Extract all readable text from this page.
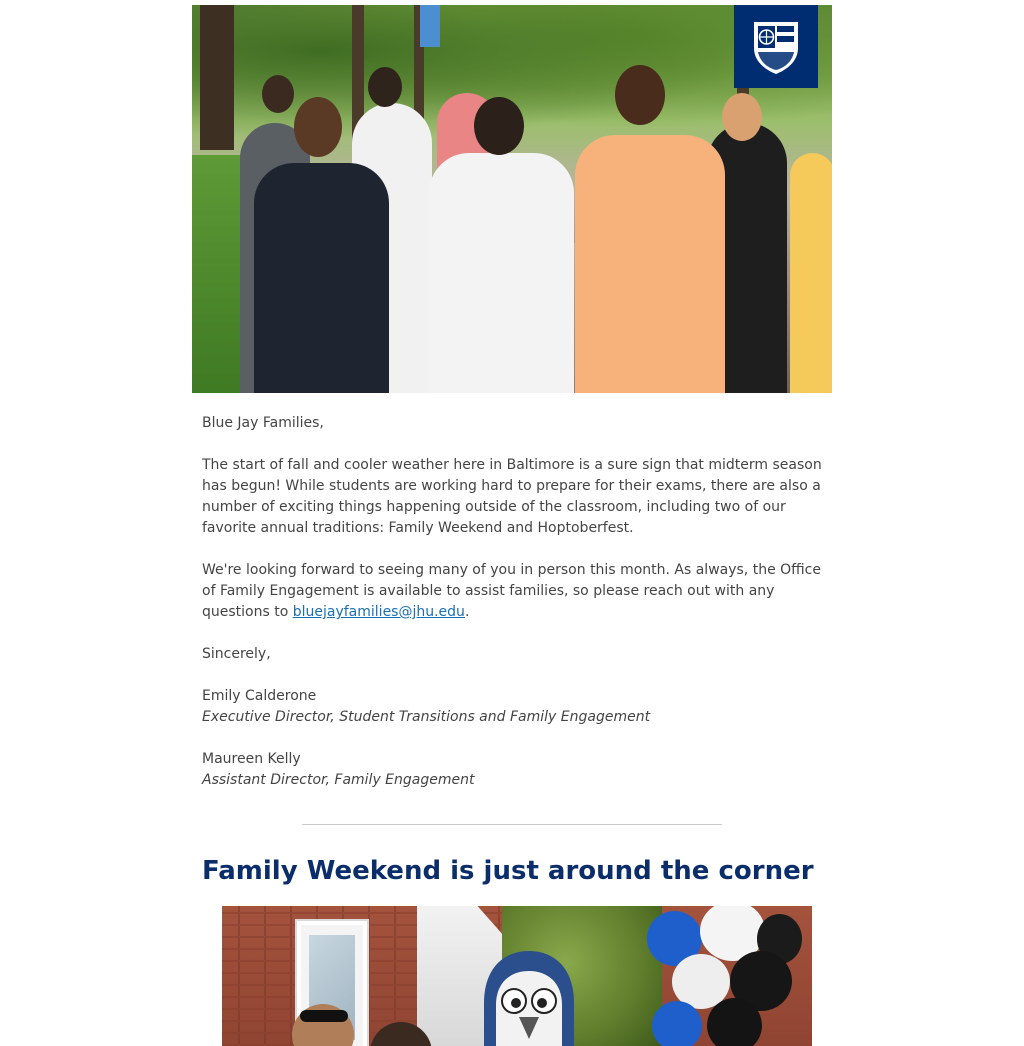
Blue Jay Families,

The start of fall and cooler weather here in Baltimore is a sure sign that midterm season has begun! While students are working hard to prepare for their exams, there are also a number of exciting things happening outside of the classroom, including two of our favorite annual traditions: Family Weekend and Hoptoberfest.

We're looking forward to seeing many of you in person this month. As always, the Office of Family Engagement is available to assist families, so please reach out with any questions to bluejayfamilies@jhu.edu.

Sincerely,

Emily Calderone

Executive Director, Student Transitions and Family Engagement

Maureen Kelly

Assistant Director, Family Engagement

Family Weekend is just around the corner
